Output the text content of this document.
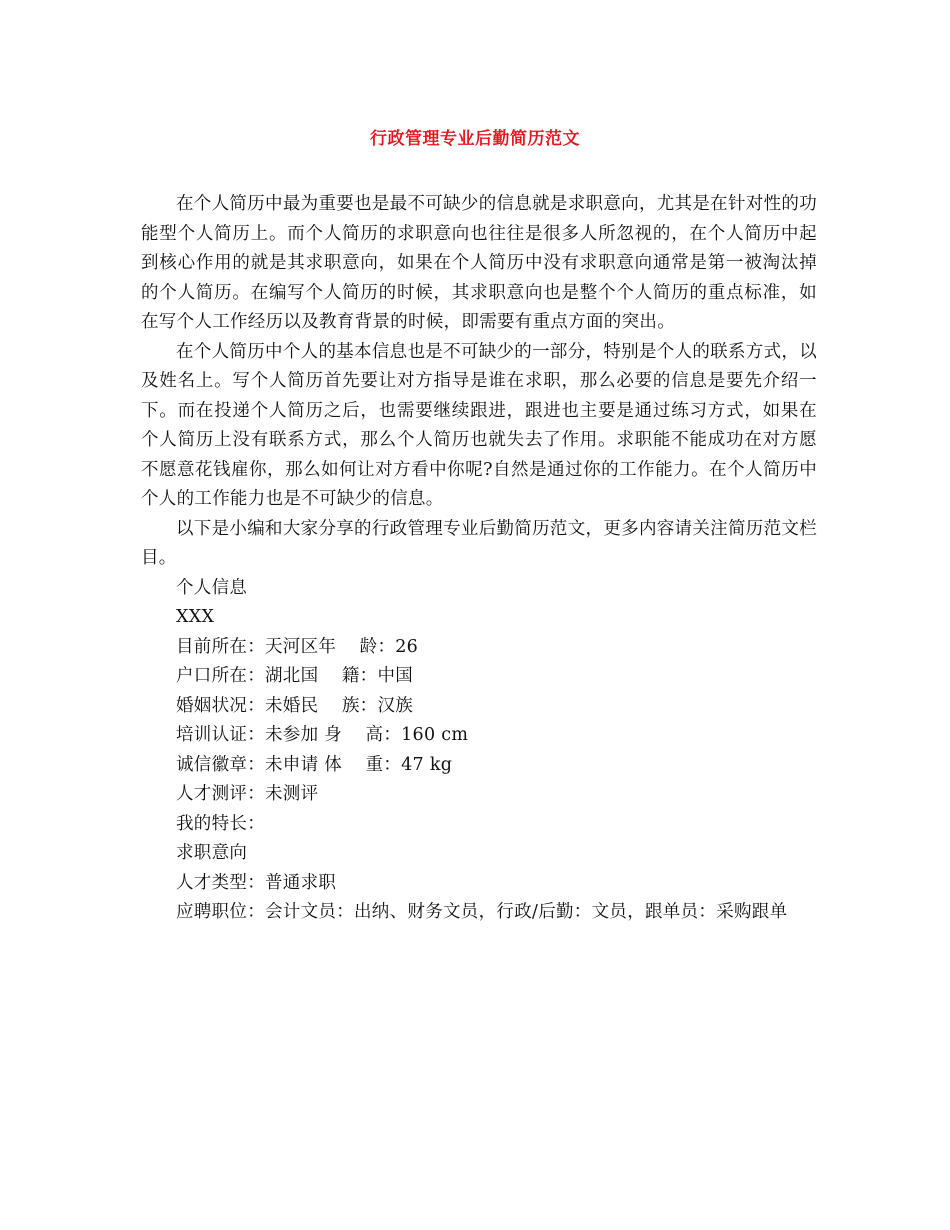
行政管理专业后勤简历范文

在个人简历中最为重要也是最不可缺少的信息就是求职意向，尤其是在针对性的功能型个人简历上。而个人简历的求职意向也往往是很多人所忽视的，在个人简历中起到核心作用的就是其求职意向，如果在个人简历中没有求职意向通常是第一被淘汰掉的个人简历。在编写个人简历的时候，其求职意向也是整个个人简历的重点标准，如在写个人工作经历以及教育背景的时候，即需要有重点方面的突出。

在个人简历中个人的基本信息也是不可缺少的一部分，特别是个人的联系方式，以及姓名上。写个人简历首先要让对方指导是谁在求职，那么必要的信息是要先介绍一下。而在投递个人简历之后，也需要继续跟进，跟进也主要是通过练习方式，如果在个人简历上没有联系方式，那么个人简历也就失去了作用。求职能不能成功在对方愿不愿意花钱雇你，那么如何让对方看中你呢?自然是通过你的工作能力。在个人简历中个人的工作能力也是不可缺少的信息。

以下是小编和大家分享的行政管理专业后勤简历范文，更多内容请关注简历范文栏目。

个人信息
XXX
目前所在：天河区年    龄：26
户口所在：湖北国    籍：中国
婚姻状况：未婚民    族：汉族
培训认证：未参加 身    高：160 cm
诚信徽章：未申请 体    重：47 kg
人才测评：未测评
我的特长：
求职意向
人才类型：普通求职

应聘职位：会计文员：出纳、财务文员，行政/后勤：文员，跟单员：采购跟单
